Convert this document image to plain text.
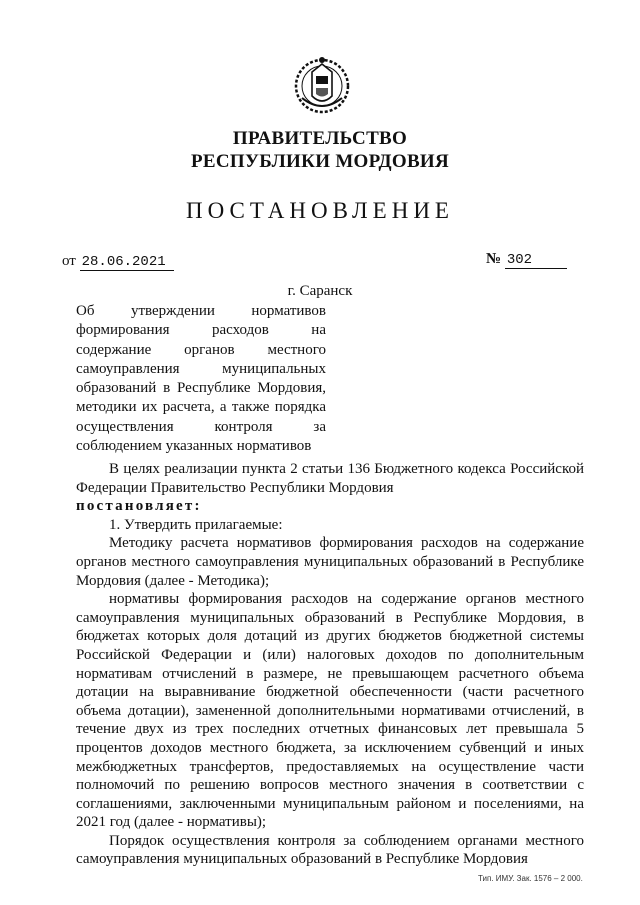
ПРАВИТЕЛЬСТВО
РЕСПУБЛИКИ МОРДОВИЯ
ПОСТАНОВЛЕНИЕ
от 28.06.2021	№ 302
г. Саранск
Об утверждении нормативов
формирования расходов на
содержание органов местного
самоуправления муниципальных
образований в Республике Мордовия,
методики их расчета, а также порядка
осуществления контроля за
соблюдением указанных нормативов

В целях реализации пункта 2 статьи 136 Бюджетного кодекса Российской Федерации Правительство Республики Мордовия

постановляет:

1. Утвердить прилагаемые:

Методику расчета нормативов формирования расходов на содержание органов местного самоуправления муниципальных образований в Республике Мордовия (далее - Методика);

нормативы формирования расходов на содержание органов местного самоуправления муниципальных образований в Республике Мордовия, в бюджетах которых доля дотаций из других бюджетов бюджетной системы Российской Федерации и (или) налоговых доходов по дополнительным нормативам отчислений в размере, не превышающем расчетного объема дотации на выравнивание бюджетной обеспеченности (части расчетного объема дотации), замененной дополнительными нормативами отчислений, в течение двух из трех последних отчетных финансовых лет превышала 5 процентов доходов местного бюджета, за исключением субвенций и иных межбюджетных трансфертов, предоставляемых на осуществление части полномочий по решению вопросов местного значения в соответствии с соглашениями, заключенными муниципальным районом и поселениями, на 2021 год (далее - нормативы);

Порядок осуществления контроля за соблюдением органами местного самоуправления муниципальных образований в Республике Мордовия

Тип. ИМУ. Зак. 1576 – 2 000.
